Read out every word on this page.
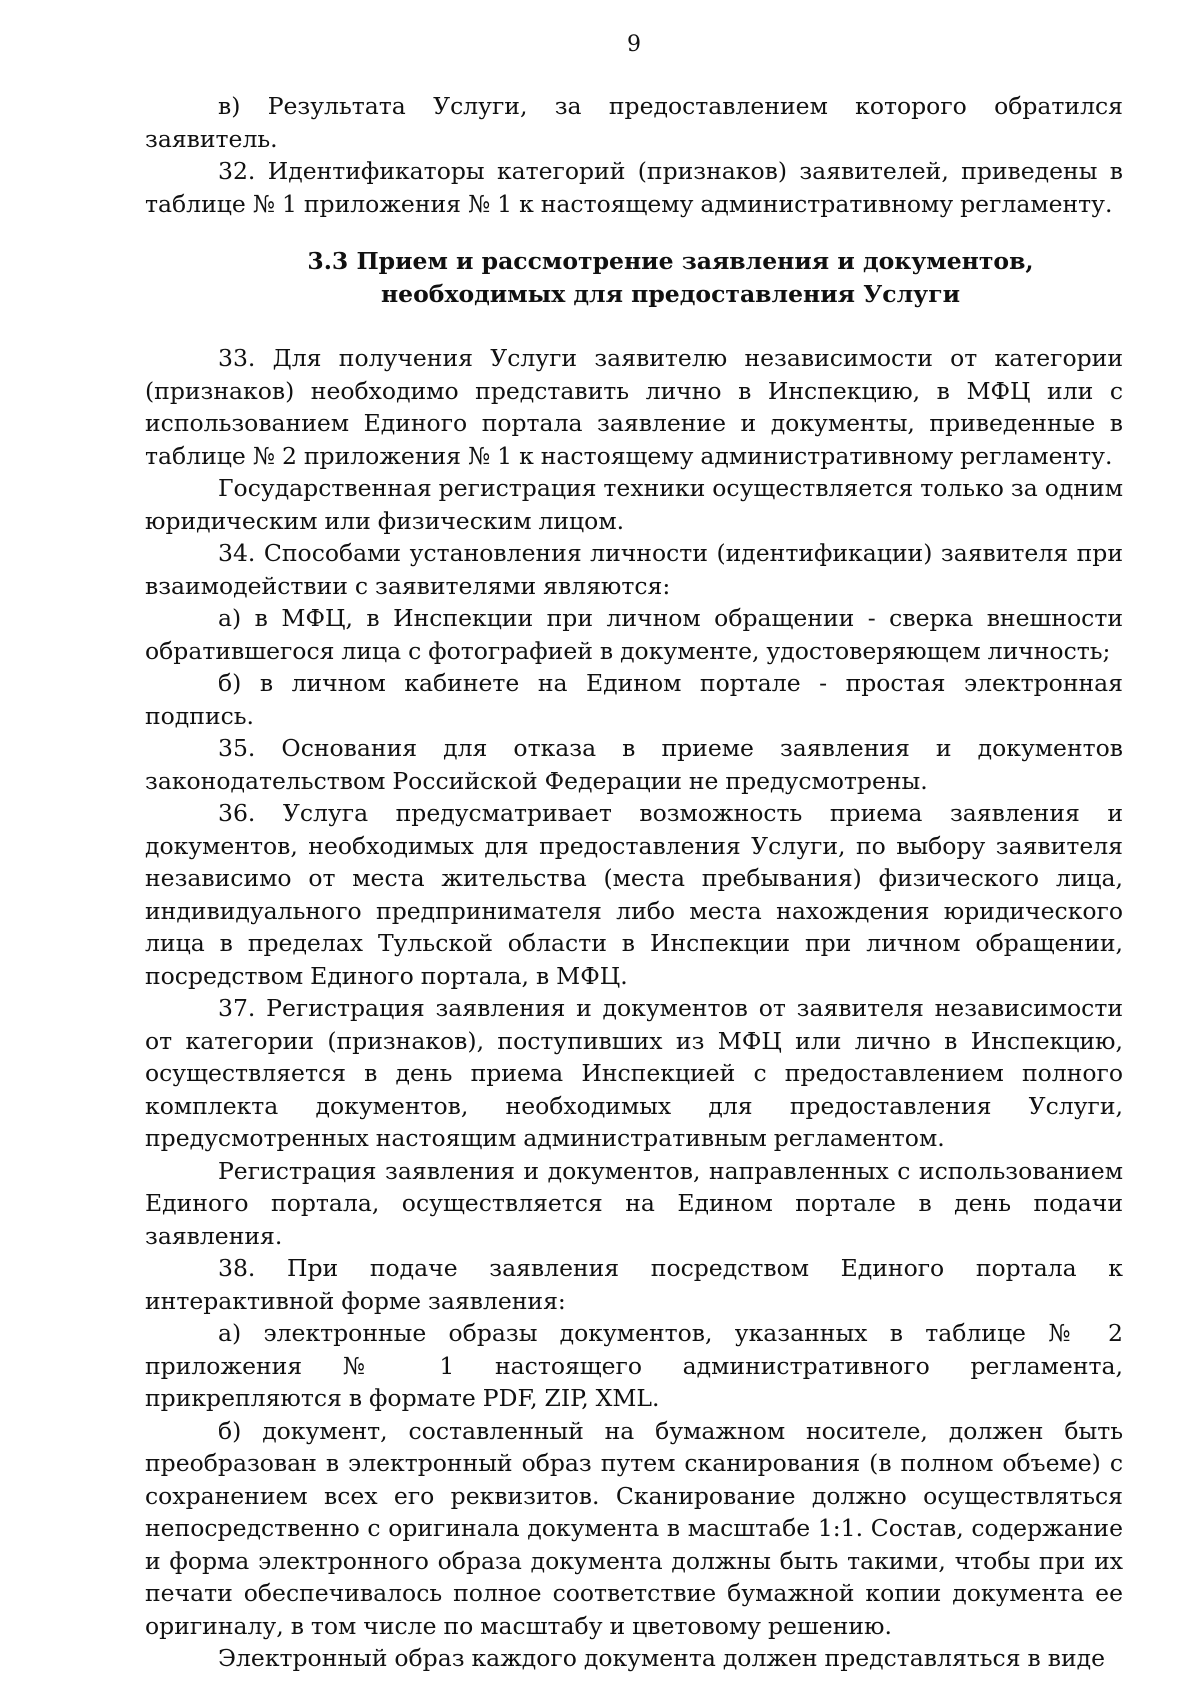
9

в) Результата Услуги, за предоставлением которого обратился заявитель.

32. Идентификаторы категорий (признаков) заявителей, приведены в таблице № 1 приложения № 1 к настоящему административному регламенту.

3.3 Прием и рассмотрение заявления и документов, необходимых для предоставления Услуги

33. Для получения Услуги заявителю независимости от категории (признаков) необходимо представить лично в Инспекцию, в МФЦ или с использованием Единого портала заявление и документы, приведенные в таблице № 2 приложения № 1 к настоящему административному регламенту.

Государственная регистрация техники осуществляется только за одним юридическим или физическим лицом.

34. Способами установления личности (идентификации) заявителя при взаимодействии с заявителями являются:

а) в МФЦ, в Инспекции при личном обращении - сверка внешности обратившегося лица с фотографией в документе, удостоверяющем личность;

б) в личном кабинете на Едином портале - простая электронная подпись.

35. Основания для отказа в приеме заявления и документов законодательством Российской Федерации не предусмотрены.

36. Услуга предусматривает возможность приема заявления и документов, необходимых для предоставления Услуги, по выбору заявителя независимо от места жительства (места пребывания) физического лица, индивидуального предпринимателя либо места нахождения юридического лица в пределах Тульской области в Инспекции при личном обращении, посредством Единого портала, в МФЦ.

37. Регистрация заявления и документов от заявителя независимости от категории (признаков), поступивших из МФЦ или лично в Инспекцию, осуществляется в день приема Инспекцией с предоставлением полного комплекта документов, необходимых для предоставления Услуги, предусмотренных настоящим административным регламентом.

Регистрация заявления и документов, направленных с использованием Единого портала, осуществляется на Едином портале в день подачи заявления.

38. При подаче заявления посредством Единого портала к интерактивной форме заявления:

а) электронные образы документов, указанных в таблице № 2 приложения № 1 настоящего административного регламента, прикрепляются в формате PDF, ZIP, XML.

б) документ, составленный на бумажном носителе, должен быть преобразован в электронный образ путем сканирования (в полном объеме) с сохранением всех его реквизитов. Сканирование должно осуществляться непосредственно с оригинала документа в масштабе 1:1. Состав, содержание и форма электронного образа документа должны быть такими, чтобы при их печати обеспечивалось полное соответствие бумажной копии документа ее оригиналу, в том числе по масштабу и цветовому решению.

Электронный образ каждого документа должен представляться в виде
